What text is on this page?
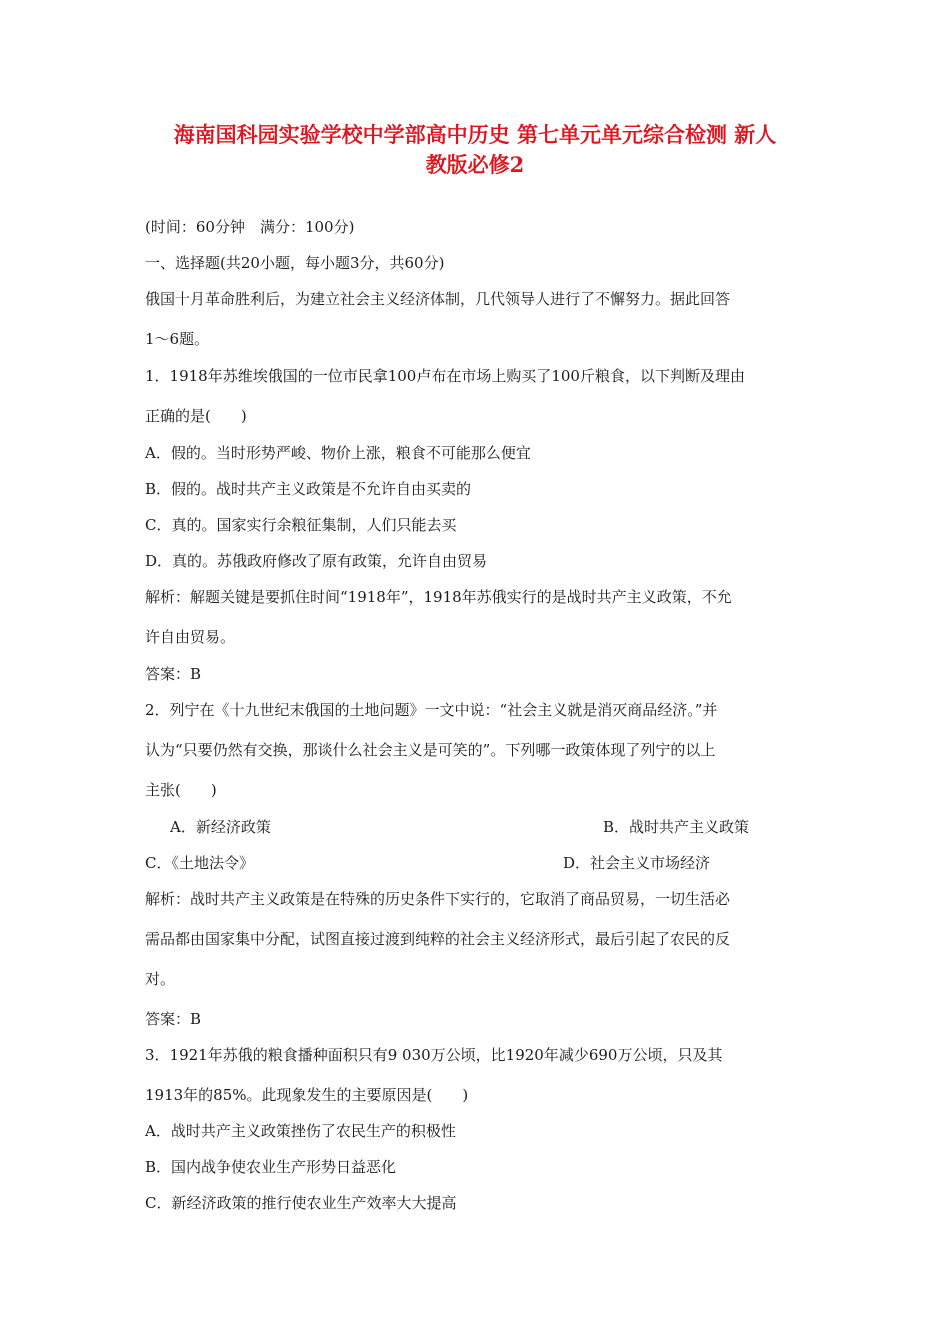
海南国科园实验学校中学部高中历史 第七单元单元综合检测 新人
教版必修2
(时间：60分钟　满分：100分)
一、选择题(共20小题，每小题3分，共60分)
俄国十月革命胜利后，为建立社会主义经济体制，几代领导人进行了不懈努力。据此回答
1～6题。
1．1918年苏维埃俄国的一位市民拿100卢布在市场上购买了100斤粮食，以下判断及理由
正确的是(　　)
A．假的。当时形势严峻、物价上涨，粮食不可能那么便宜
B．假的。战时共产主义政策是不允许自由买卖的
C．真的。国家实行余粮征集制，人们只能去买
D．真的。苏俄政府修改了原有政策，允许自由贸易
解析：解题关键是要抓住时间“1918年”，1918年苏俄实行的是战时共产主义政策，不允
许自由贸易。
答案：B
2．列宁在《十九世纪末俄国的土地问题》一文中说：“社会主义就是消灭商品经济。”并
认为“只要仍然有交换，那谈什么社会主义是可笑的”。下列哪一政策体现了列宁的以上
主张(　　)
A．新经济政策	B．战时共产主义政策
C．《土地法令》	D．社会主义市场经济
解析：战时共产主义政策是在特殊的历史条件下实行的，它取消了商品贸易，一切生活必
需品都由国家集中分配，试图直接过渡到纯粹的社会主义经济形式，最后引起了农民的反
对。
答案：B
3．1921年苏俄的粮食播种面积只有9 030万公顷，比1920年减少690万公顷，只及其
1913年的85%。此现象发生的主要原因是(　　)
A．战时共产主义政策挫伤了农民生产的积极性
B．国内战争使农业生产形势日益恶化
C．新经济政策的推行使农业生产效率大大提高
